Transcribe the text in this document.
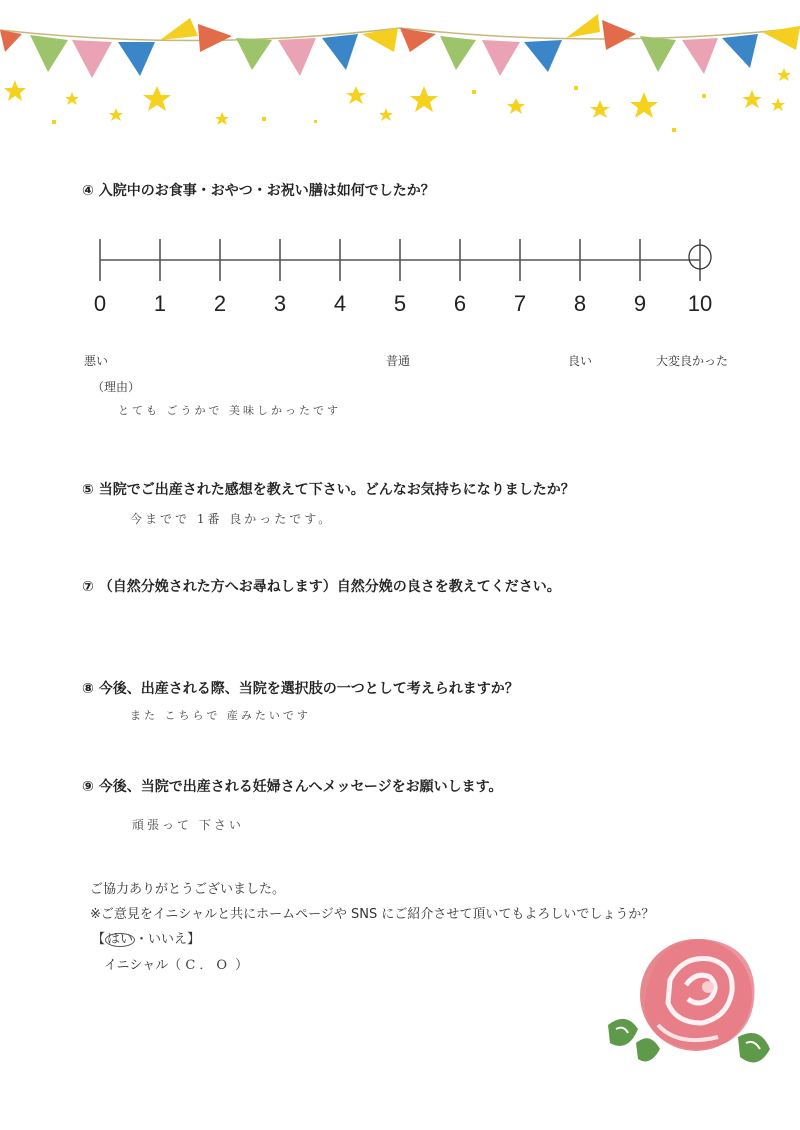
④ 入院中のお食事・おやつ・お祝い膳は如何でしたか？
0 1 2 3 4 5 6 7 8 9 10
悪い	普通	良い	大変良かった
（理由）
とても ごうかで 美味しかったです
⑤ 当院でご出産された感想を教えて下さい。どんなお気持ちになりましたか？
今までで 1番 良かったです。
⑦ （自然分娩された方へお尋ねします）自然分娩の良さを教えてください。
⑧ 今後、出産される際、当院を選択肢の一つとして考えられますか？
また こちらで 産みたいです
⑨ 今後、当院で出産される妊婦さんへメッセージをお願いします。
頑張って 下さい
ご協力ありがとうございました。
※ご意見をイニシャルと共にホームページや SNS にご紹介させて頂いてもよろしいでしょうか？
【 はい ・いいえ】
イニシャル（ C．O ）
